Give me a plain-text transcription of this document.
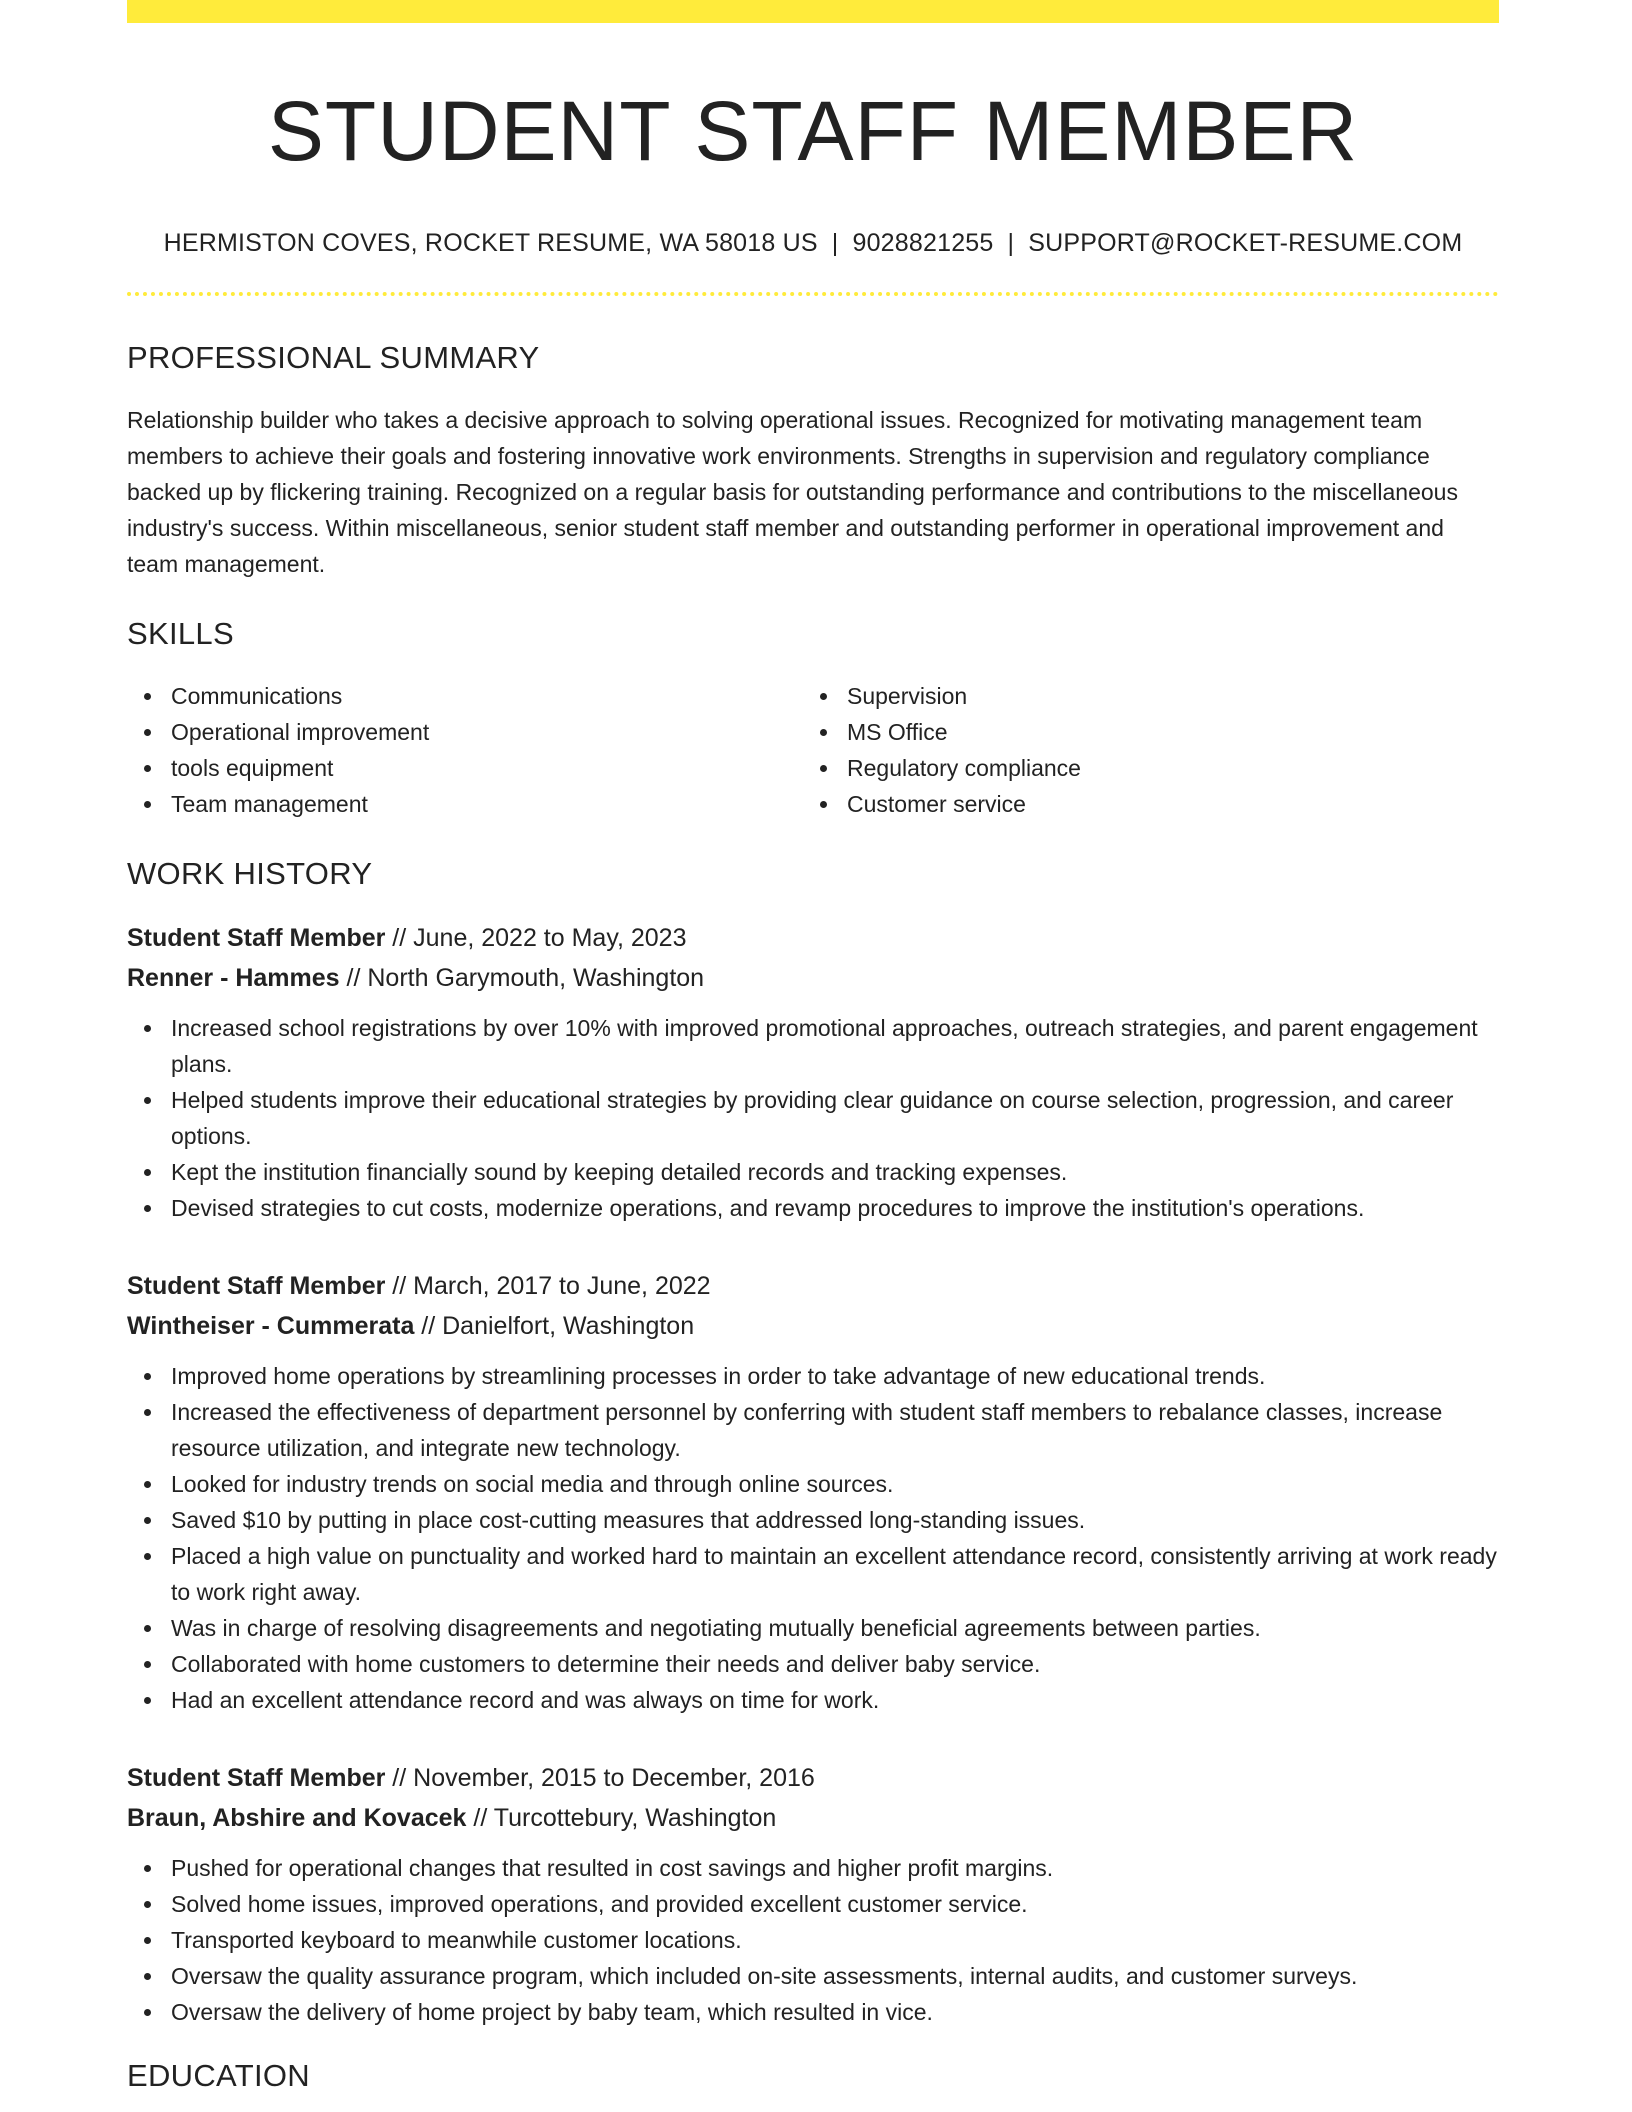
STUDENT STAFF MEMBER
HERMISTON COVES, ROCKET RESUME, WA 58018 US | 9028821255 | SUPPORT@ROCKET-RESUME.COM
PROFESSIONAL SUMMARY
Relationship builder who takes a decisive approach to solving operational issues. Recognized for motivating management team members to achieve their goals and fostering innovative work environments. Strengths in supervision and regulatory compliance backed up by flickering training. Recognized on a regular basis for outstanding performance and contributions to the miscellaneous industry's success. Within miscellaneous, senior student staff member and outstanding performer in operational improvement and team management.
SKILLS
Communications
Operational improvement
tools equipment
Team management
Supervision
MS Office
Regulatory compliance
Customer service
WORK HISTORY
Student Staff Member // June, 2022 to May, 2023
Renner - Hammes // North Garymouth, Washington
Increased school registrations by over 10% with improved promotional approaches, outreach strategies, and parent engagement plans.
Helped students improve their educational strategies by providing clear guidance on course selection, progression, and career options.
Kept the institution financially sound by keeping detailed records and tracking expenses.
Devised strategies to cut costs, modernize operations, and revamp procedures to improve the institution's operations.
Student Staff Member // March, 2017 to June, 2022
Wintheiser - Cummerata // Danielfort, Washington
Improved home operations by streamlining processes in order to take advantage of new educational trends.
Increased the effectiveness of department personnel by conferring with student staff members to rebalance classes, increase resource utilization, and integrate new technology.
Looked for industry trends on social media and through online sources.
Saved $10 by putting in place cost-cutting measures that addressed long-standing issues.
Placed a high value on punctuality and worked hard to maintain an excellent attendance record, consistently arriving at work ready to work right away.
Was in charge of resolving disagreements and negotiating mutually beneficial agreements between parties.
Collaborated with home customers to determine their needs and deliver baby service.
Had an excellent attendance record and was always on time for work.
Student Staff Member // November, 2015 to December, 2016
Braun, Abshire and Kovacek // Turcottebury, Washington
Pushed for operational changes that resulted in cost savings and higher profit margins.
Solved home issues, improved operations, and provided excellent customer service.
Transported keyboard to meanwhile customer locations.
Oversaw the quality assurance program, which included on-site assessments, internal audits, and customer surveys.
Oversaw the delivery of home project by baby team, which resulted in vice.
EDUCATION
